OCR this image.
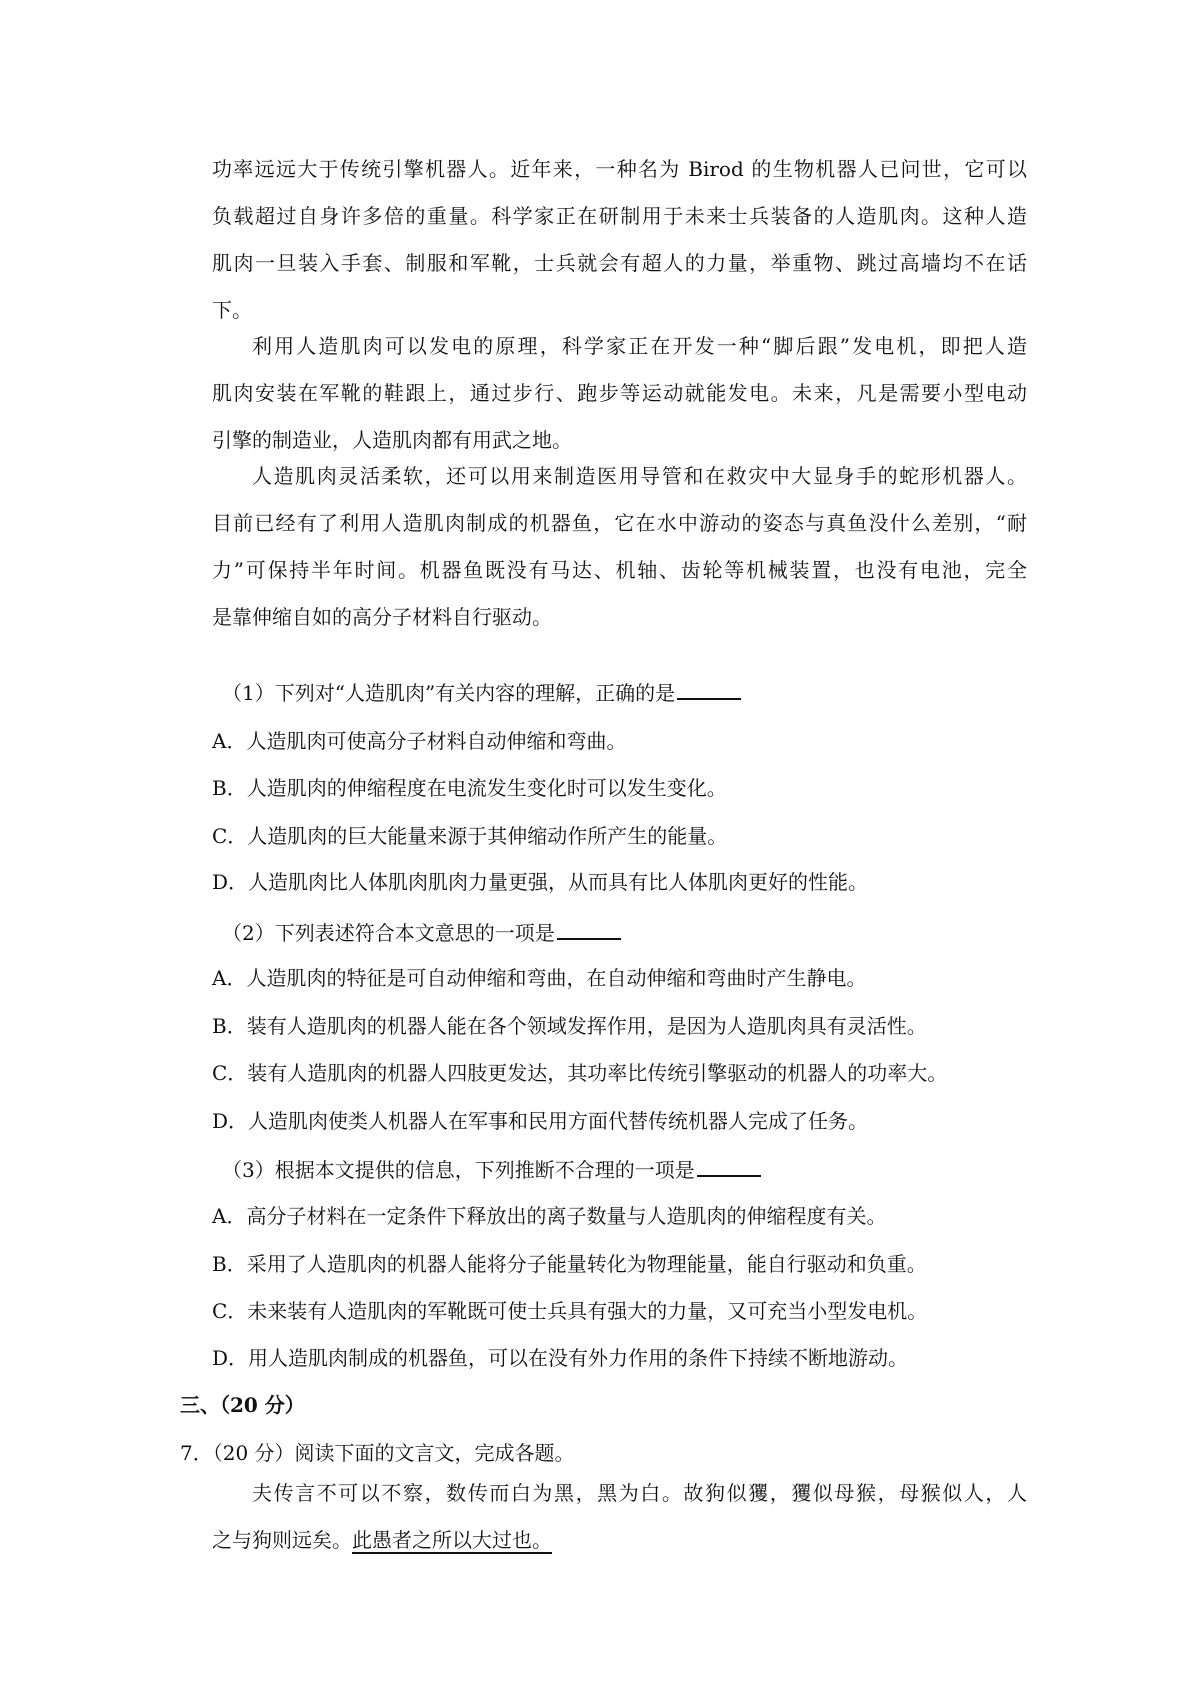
功率远远大于传统引擎机器人。近年来，一种名为 Birod 的生物机器人已问世，它可以

负载超过自身许多倍的重量。科学家正在研制用于未来士兵装备的人造肌肉。这种人造

肌肉一旦装入手套、制服和军靴，士兵就会有超人的力量，举重物、跳过高墙均不在话

下。

利用人造肌肉可以发电的原理，科学家正在开发一种“脚后跟”发电机，即把人造

肌肉安装在军靴的鞋跟上，通过步行、跑步等运动就能发电。未来，凡是需要小型电动

引擎的制造业，人造肌肉都有用武之地。

人造肌肉灵活柔软，还可以用来制造医用导管和在救灾中大显身手的蛇形机器人。

目前已经有了利用人造肌肉制成的机器鱼，它在水中游动的姿态与真鱼没什么差别，“耐

力”可保持半年时间。机器鱼既没有马达、机轴、齿轮等机械装置，也没有电池，完全

是靠伸缩自如的高分子材料自行驱动。

（1）下列对“人造肌肉”有关内容的理解，正确的是

A．人造肌肉可使高分子材料自动伸缩和弯曲。

B．人造肌肉的伸缩程度在电流发生变化时可以发生变化。

C．人造肌肉的巨大能量来源于其伸缩动作所产生的能量。

D．人造肌肉比人体肌肉肌肉力量更强，从而具有比人体肌肉更好的性能。

（2）下列表述符合本文意思的一项是

A．人造肌肉的特征是可自动伸缩和弯曲，在自动伸缩和弯曲时产生静电。

B．装有人造肌肉的机器人能在各个领域发挥作用，是因为人造肌肉具有灵活性。

C．装有人造肌肉的机器人四肢更发达，其功率比传统引擎驱动的机器人的功率大。

D．人造肌肉使类人机器人在军事和民用方面代替传统机器人完成了任务。

（3）根据本文提供的信息，下列推断不合理的一项是

A．高分子材料在一定条件下释放出的离子数量与人造肌肉的伸缩程度有关。

B．采用了人造肌肉的机器人能将分子能量转化为物理能量，能自行驱动和负重。

C．未来装有人造肌肉的军靴既可使士兵具有强大的力量，又可充当小型发电机。

D．用人造肌肉制成的机器鱼，可以在没有外力作用的条件下持续不断地游动。

三、（20 分）

7．（20 分）阅读下面的文言文，完成各题。

夫传言不可以不察，数传而白为黑，黑为白。故狗似玃，玃似母猴，母猴似人，人

之与狗则远矣。此愚者之所以大过也。
